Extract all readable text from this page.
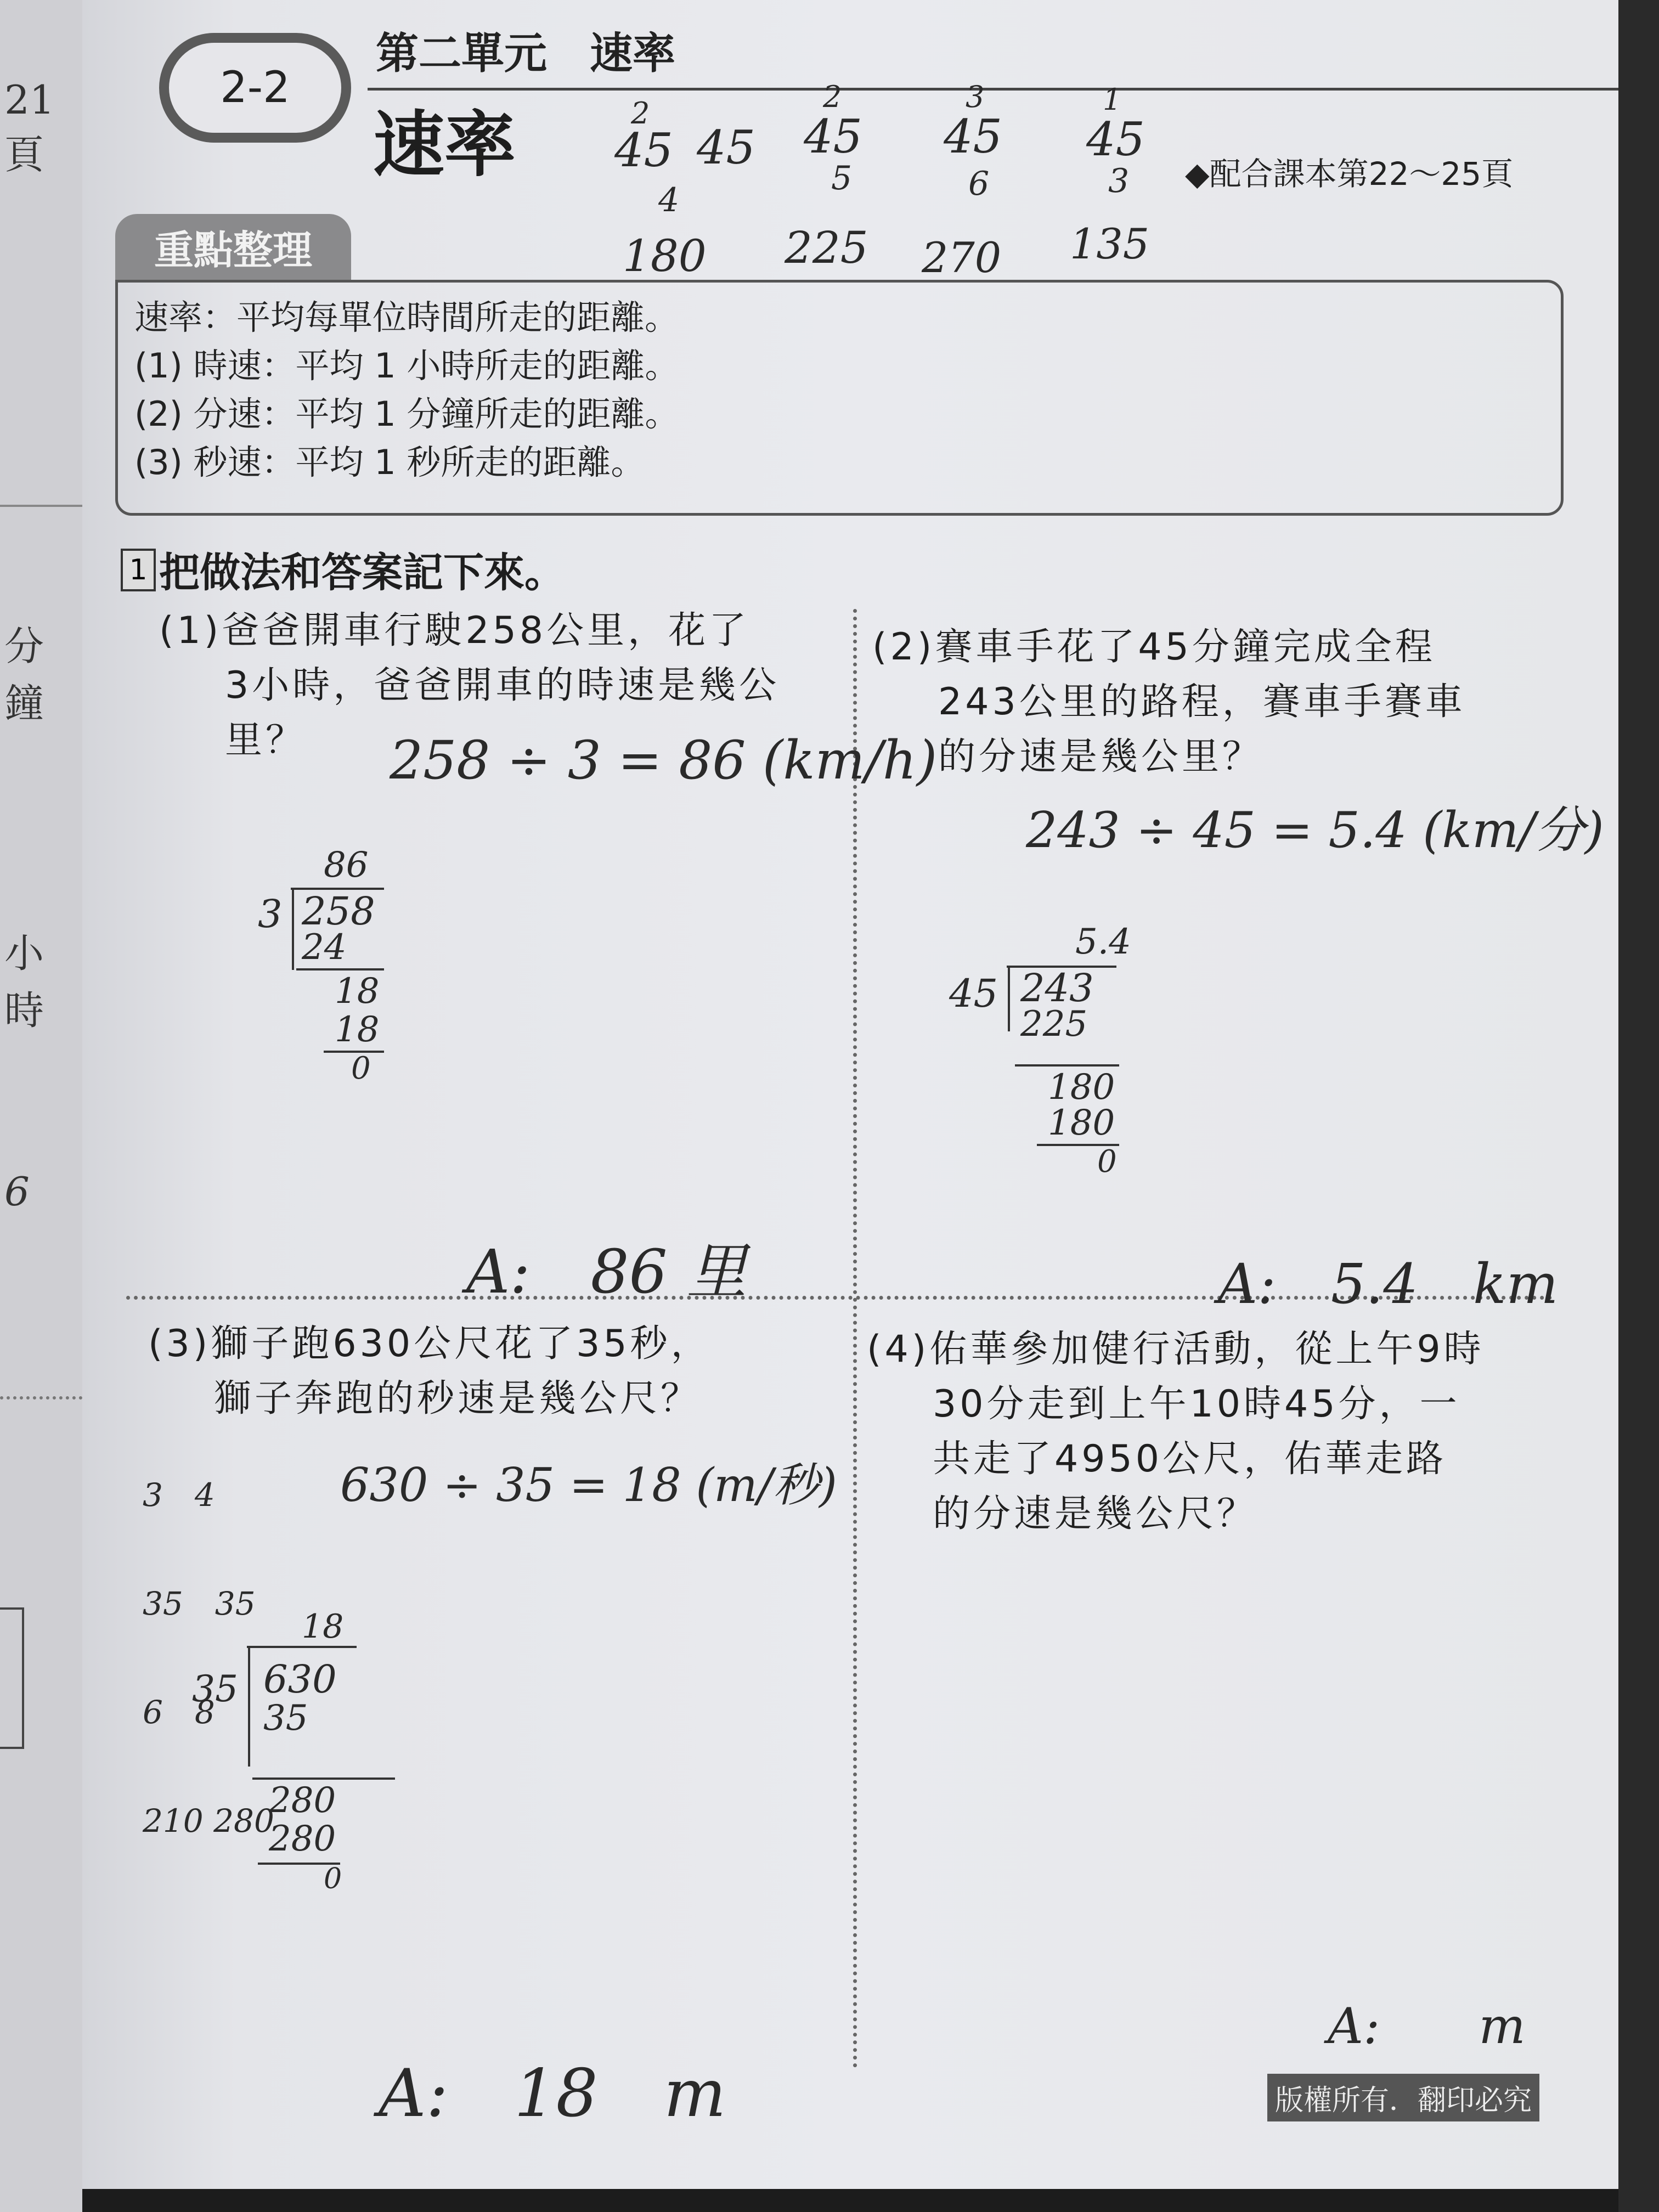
21頁
分鐘
小時
6
2-2
第二單元　速率
速率	◆配合課本第22～25頁
2
45
4
180
45
2
45
5
225
3
45
6
270
1
45
3
135
重點整理
速率：平均每單位時間所走的距離。
(1) 時速：平均 1 小時所走的距離。
(2) 分速：平均 1 分鐘所走的距離。
(3) 秒速：平均 1 秒所走的距離。
1 把做法和答案記下來。
(1)爸爸開車行駛258公里，花了
3小時，爸爸開車的時速是幾公
里？	258 ÷ 3 = 86 (km/h)
86
3 258
24
18
18
0
A:　86 里
(2)賽車手花了45分鐘完成全程
243公里的路程，賽車手賽車
的分速是幾公里？
243 ÷ 45 = 5.4 (km/分)
5.4
45 243
225
180
180
0
A:　5.4　km
(3)獅子跑630公尺花了35秒，
獅子奔跑的秒速是幾公尺？

3　4

35　35

6　8

210 280

630 ÷ 35 = 18 (m/秒)
18
35 630
35
280
280
0
A:　18　m
(4)佑華參加健行活動，從上午9時
30分走到上午10時45分，一
共走了4950公尺，佑華走路
的分速是幾公尺？
A:　　m
版權所有．翻印必究
